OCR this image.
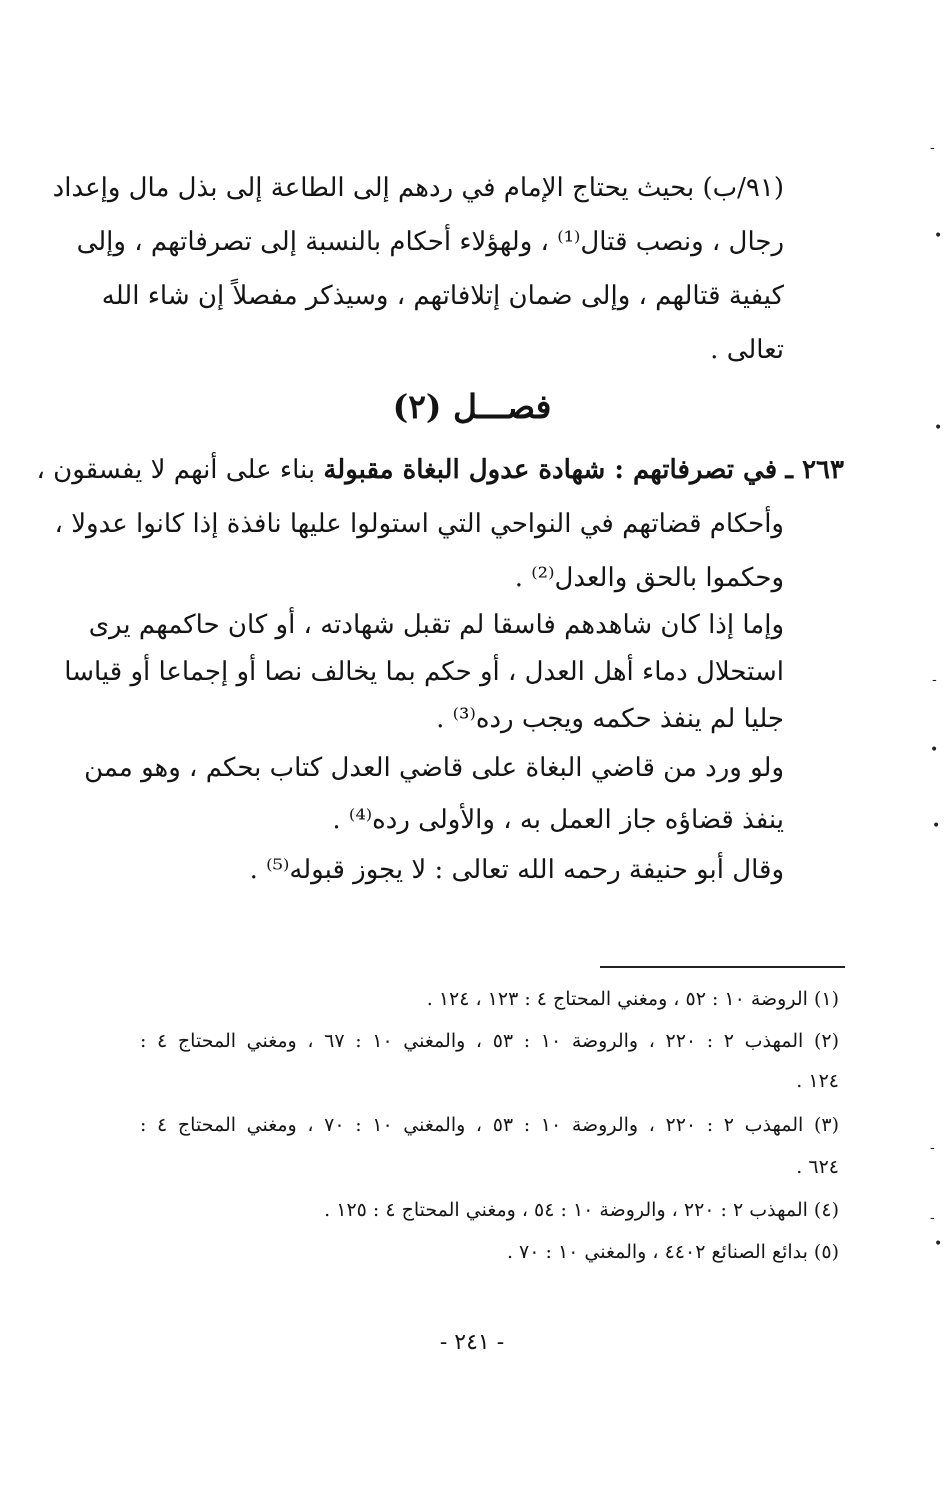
(٩١/ب) بحيث يحتاج الإمام في ردهم إلى الطاعة إلى بذل مال وإعداد
رجال ، ونصب قتال⁽¹⁾ ، ولهؤلاء أحكام بالنسبة إلى تصرفاتهم ، وإلى
كيفية قتالهم ، وإلى ضمان إتلافاتهم ، وسيذكر مفصلاً إن شاء الله
تعالى .
فصـــل (٢)
٢٦٣ ـ في تصرفاتهم : شهادة عدول البغاة مقبولة بناء على أنهم لا يفسقون ،
وأحكام قضاتهم في النواحي التي استولوا عليها نافذة إذا كانوا عدولا ،
وحكموا بالحق والعدل⁽²⁾ .
وإما إذا كان شاهدهم فاسقا لم تقبل شهادته ، أو كان حاكمهم يرى
استحلال دماء أهل العدل ، أو حكم بما يخالف نصا أو إجماعا أو قياسا
جليا لم ينفذ حكمه ويجب رده⁽³⁾ .
ولو ورد من قاضي البغاة على قاضي العدل كتاب بحكم ، وهو ممن
ينفذ قضاؤه جاز العمل به ، والأولى رده⁽⁴⁾ .
وقال أبو حنيفة رحمه الله تعالى : لا يجوز قبوله⁽⁵⁾ .
(١) الروضة ١٠ : ٥٢ ، ومغني المحتاج ٤ : ١٢٣ ، ١٢٤ .
(٢) المهذب ٢ : ٢٢٠ ، والروضة ١٠ : ٥٣ ، والمغني ١٠ : ٦٧ ، ومغني المحتاج ٤ :
١٢٤ .
(٣) المهذب ٢ : ٢٢٠ ، والروضة ١٠ : ٥٣ ، والمغني ١٠ : ٧٠ ، ومغني المحتاج ٤ :
٦٢٤ .
(٤) المهذب ٢ : ٢٢٠ ، والروضة ١٠ : ٥٤ ، ومغني المحتاج ٤ : ١٢٥ .
(٥) بدائع الصنائع ٤٤٠٢ ، والمغني ١٠ : ٧٠ .
- ٢٤١ -
-
•
•
-
•
•
-
-
•
